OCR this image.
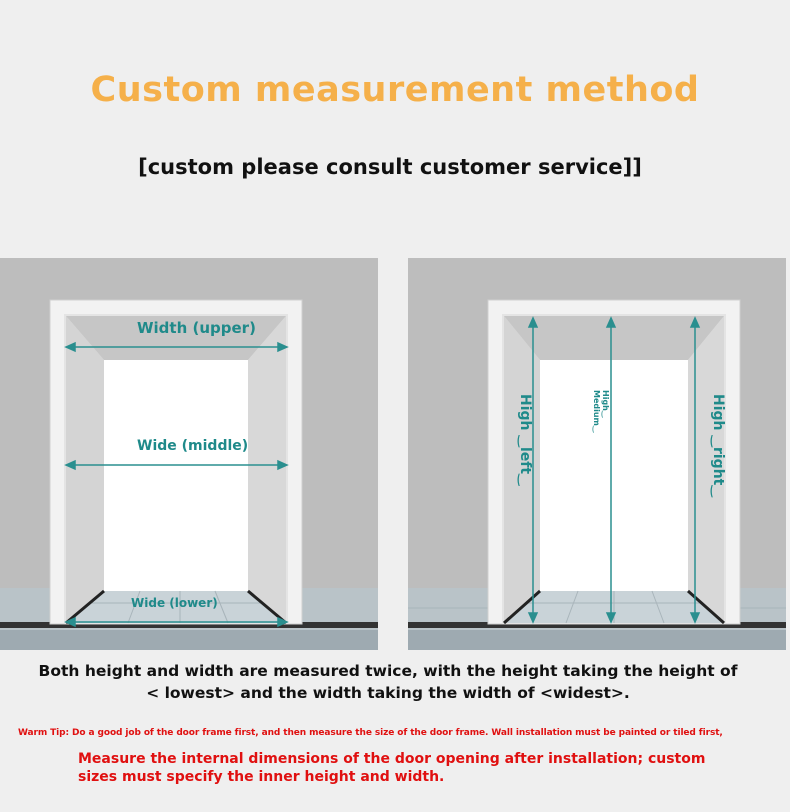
Custom measurement method
[custom please consult customer service]]
Width (upper)
Wide (middle)
Wide (lower)
High ‿left‿	High‿
Medium‿	High ‿right‿
Both height and width are measured twice, with the height taking the height of < lowest> and the width taking the width of <widest>.
Warm Tip: Do a good job of the door frame first, and then measure the size of the door frame. Wall installation must be painted or tiled first,
Measure the internal dimensions of the door opening after installation; custom sizes must specify the inner height and width.
